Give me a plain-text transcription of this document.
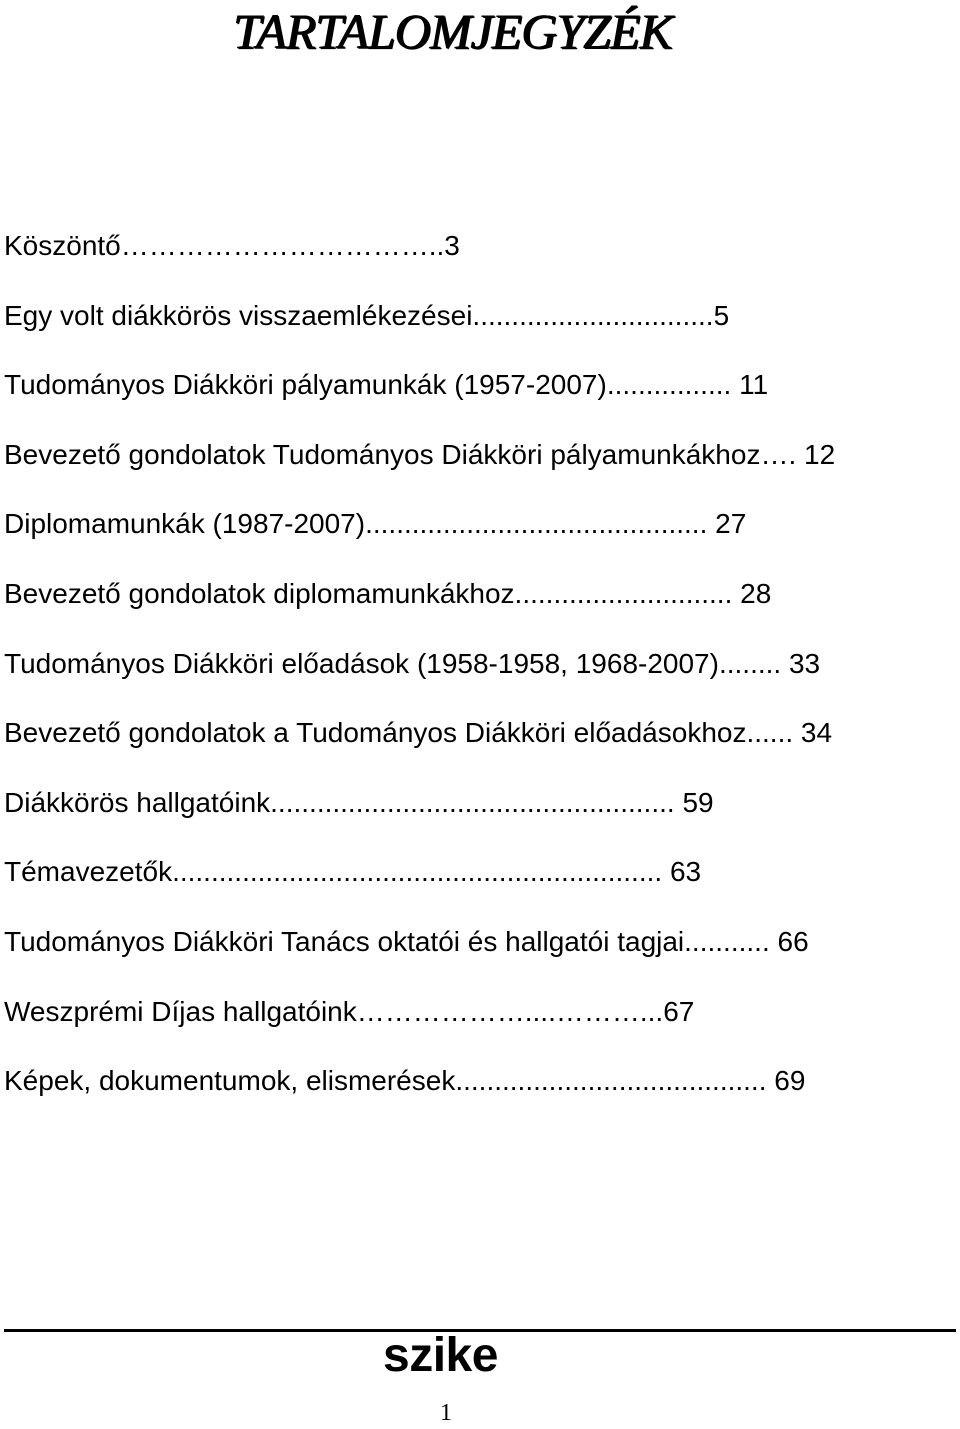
TARTALOMJEGYZÉK
Köszöntő……………………………..3
Egy volt diákkörös visszaemlékezései...............................5
Tudományos Diákköri pályamunkák (1957-2007)................ 11
Bevezető gondolatok Tudományos Diákköri pályamunkákhoz…. 12
Diplomamunkák (1987-2007)............................................ 27
Bevezető gondolatok diplomamunkákhoz............................ 28
Tudományos Diákköri előadások (1958-1958, 1968-2007)........ 33
Bevezető gondolatok a Tudományos Diákköri előadásokhoz...... 34
Diákkörös hallgatóink.................................................... 59
Témavezetők............................................................... 63
Tudományos Diákköri Tanács oktatói és hallgatói tagjai........... 66
Weszprémi Díjas hallgatóink………………....………...67
Képek, dokumentumok, elismerések........................................ 69
szike
1
